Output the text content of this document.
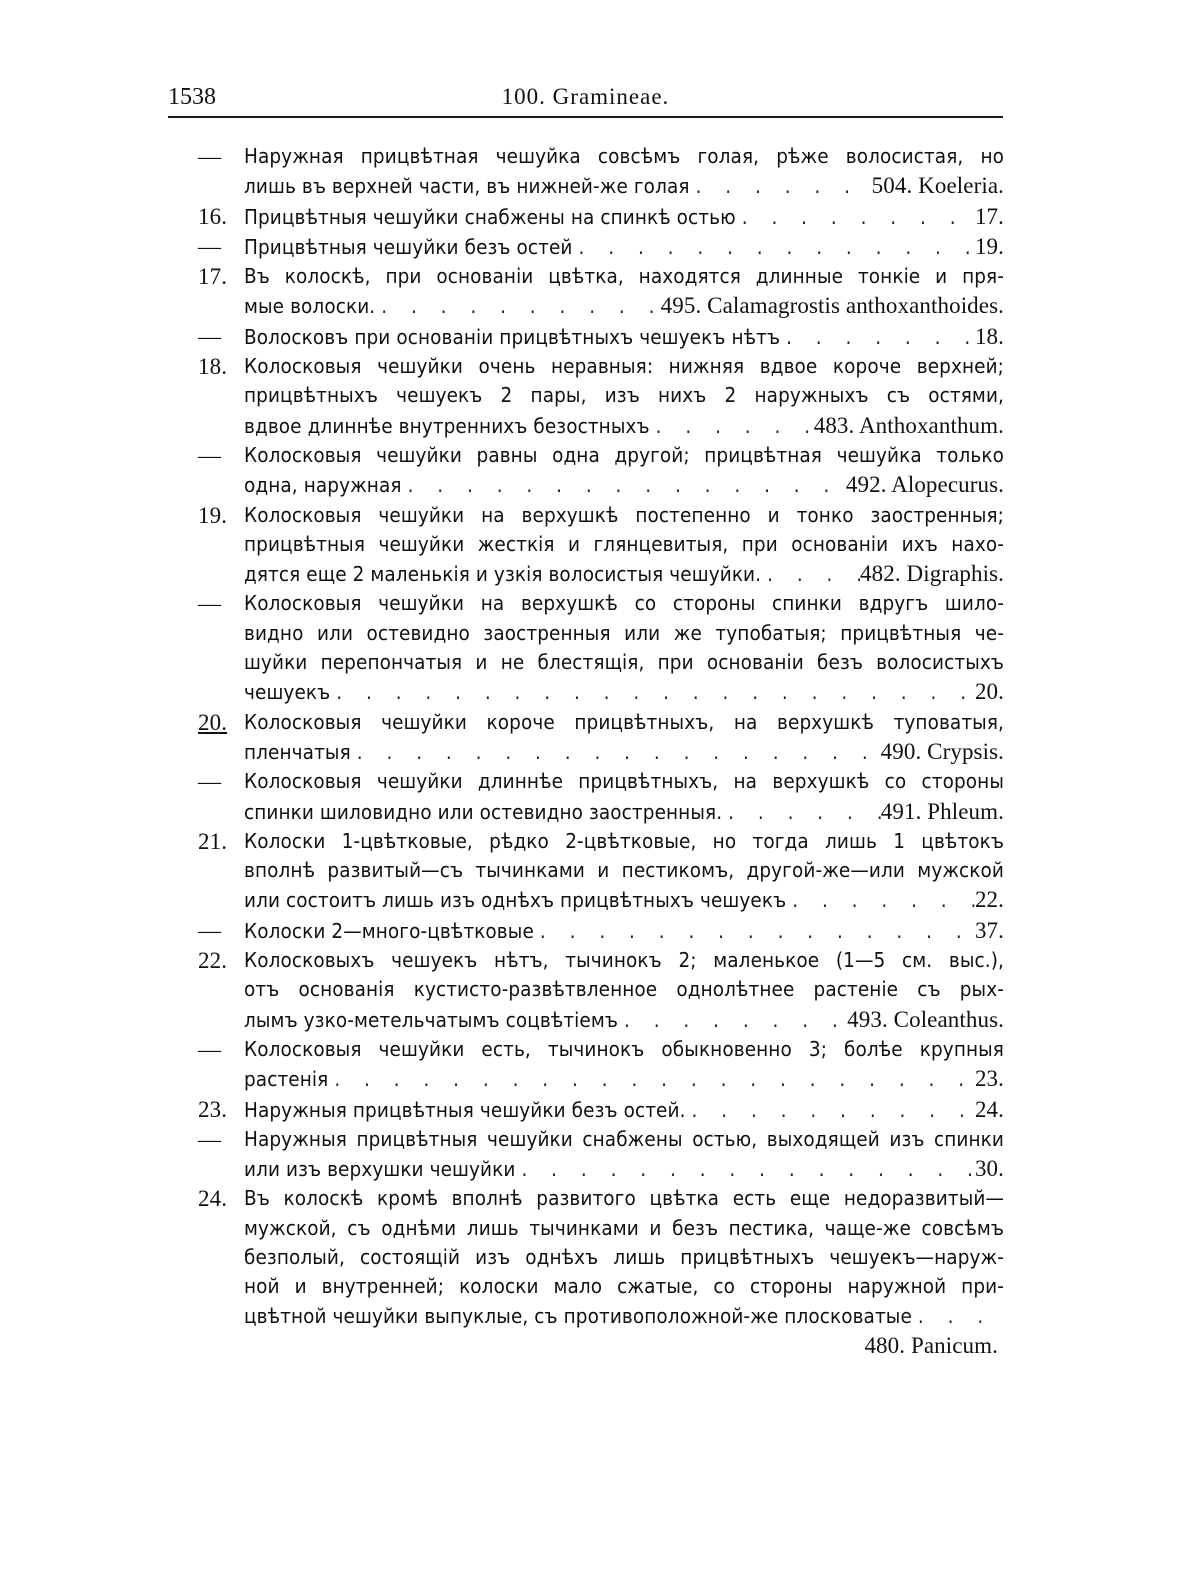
1538	100. Gramineae.
—	Наружная прицвѣтная чешуйка совсѣмъ голая, рѣже волосистая, но
лишь въ верхней части, въ нижней-же голая . . .	504. Koeleria.
16. Прицвѣтныя чешуйки снабжены на спинкѣ остью . . .	17.
—	Прицвѣтныя чешуйки безъ остей . . .	19.
17. Въ колоскѣ, при основанiи цвѣтка, находятся длинные тонкiе и пря-
мые волоски. . . .	495. Calamagrostis anthoxanthoides.
—	Волосковъ при основанiи прицвѣтныхъ чешуекъ нѣтъ . . .	18.
18. Колосковыя чешуйки очень неравныя: нижняя вдвое короче верхней;
прицвѣтныхъ чешуекъ 2 пары, изъ нихъ 2 наружныхъ съ остями,
вдвое длиннѣе внутреннихъ безостныхъ . . .	483. Anthoxanthum.
—	Колосковыя чешуйки равны одна другой; прицвѣтная чешуйка только
одна, наружная . . .	492. Alopecurus.
19. Колосковыя чешуйки на верхушкѣ постепенно и тонко заостренныя;
прицвѣтныя чешуйки жесткiя и глянцевитыя, при основанiи ихъ нахо-
дятся еще 2 маленькiя и узкiя волосистыя чешуйки. . . .	482. Digraphis.
—	Колосковыя чешуйки на верхушкѣ со стороны спинки вдругъ шило-
видно или остевидно заостренныя или же тупобатыя; прицвѣтныя че-
шуйки перепончатыя и не блестящiя, при основанiи безъ волосистыхъ
чешуекъ . . .	20.
20. Колосковыя чешуйки короче прицвѣтныхъ, на верхушкѣ туповатыя,
пленчатыя . . .	490. Crypsis.
—	Колосковыя чешуйки длиннѣе прицвѣтныхъ, на верхушкѣ со стороны
спинки шиловидно или остевидно заостренныя. . . .	491. Phleum.
21. Колоски 1-цвѣтковые, рѣдко 2-цвѣтковые, но тогда лишь 1 цвѣтокъ
вполнѣ развитый—съ тычинками и пестикомъ, другой-же—или мужской
или состоитъ лишь изъ однѣхъ прицвѣтныхъ чешуекъ . . .	22.
—	Колоски 2—много-цвѣтковые . . .	37.
22. Колосковыхъ чешуекъ нѣтъ, тычинокъ 2; маленькое (1—5 см. выс.),
отъ основанiя кустисто-развѣтвленное однолѣтнее растенiе съ рых-
лымъ узко-метельчатымъ соцвѣтiемъ . . .	493. Coleanthus.
—	Колосковыя чешуйки есть, тычинокъ обыкновенно 3; болѣе крупныя
растенiя . . .	23.
23. Наружныя прицвѣтныя чешуйки безъ остей. . . .	24.
—	Наружныя прицвѣтныя чешуйки снабжены остью, выходящей изъ спинки
или изъ верхушки чешуйки . . .	30.
24. Въ колоскѣ кромѣ вполнѣ развитого цвѣтка есть еще недоразвитый—
мужской, съ однѣми лишь тычинками и безъ пестика, чаще-же совсѣмъ
безполый, состоящiй изъ однѣхъ лишь прицвѣтныхъ чешуекъ—наруж-
ной и внутренней; колоски мало сжатые, со стороны наружной при-
цвѣтной чешуйки выпуклые, съ противоположной-же плосковатые
. . .
480. Panicum.
